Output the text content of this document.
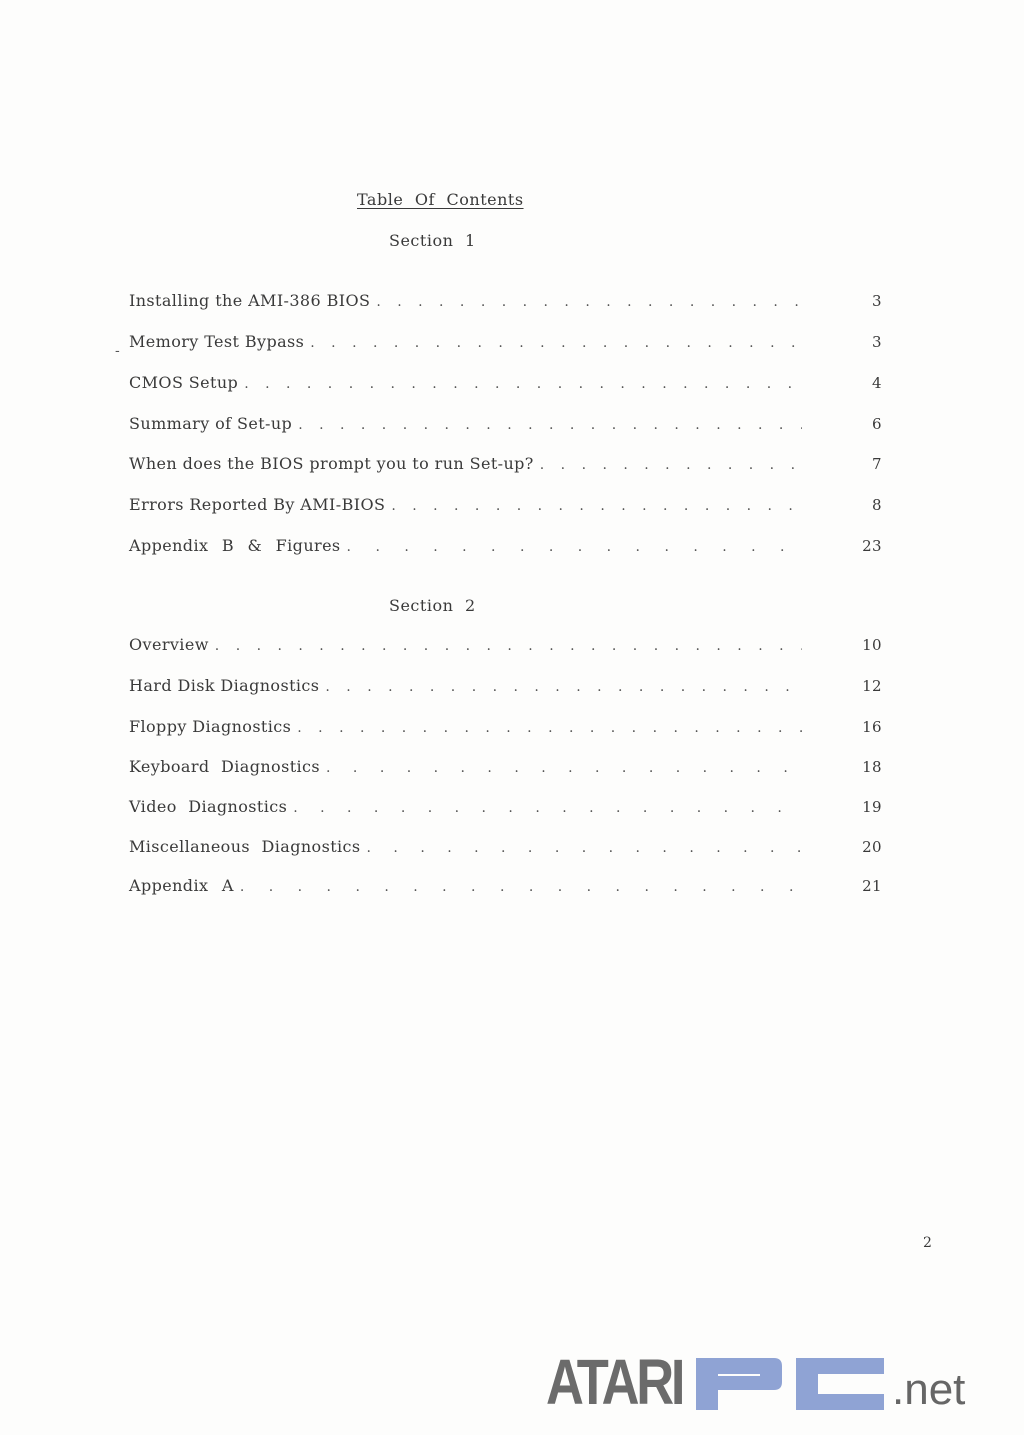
Table Of Contents
Section 1
-
Installing the AMI-386 BIOS . . .	3
Memory Test Bypass . . .	3
CMOS Setup . . .	4
Summary of Set-up . . .	6
When does the BIOS prompt you to run Set-up? . . .	7
Errors Reported By AMI-BIOS . . .	8
Appendix B & Figures . . .	23
Section 2
Overview . . .	10
Hard Disk Diagnostics . . .	12
Floppy Diagnostics . . .	16
Keyboard Diagnostics . . .	18
Video Diagnostics . . .	19
Miscellaneous Diagnostics . . .	20
Appendix A . . .	21
2
ATARI	.net
